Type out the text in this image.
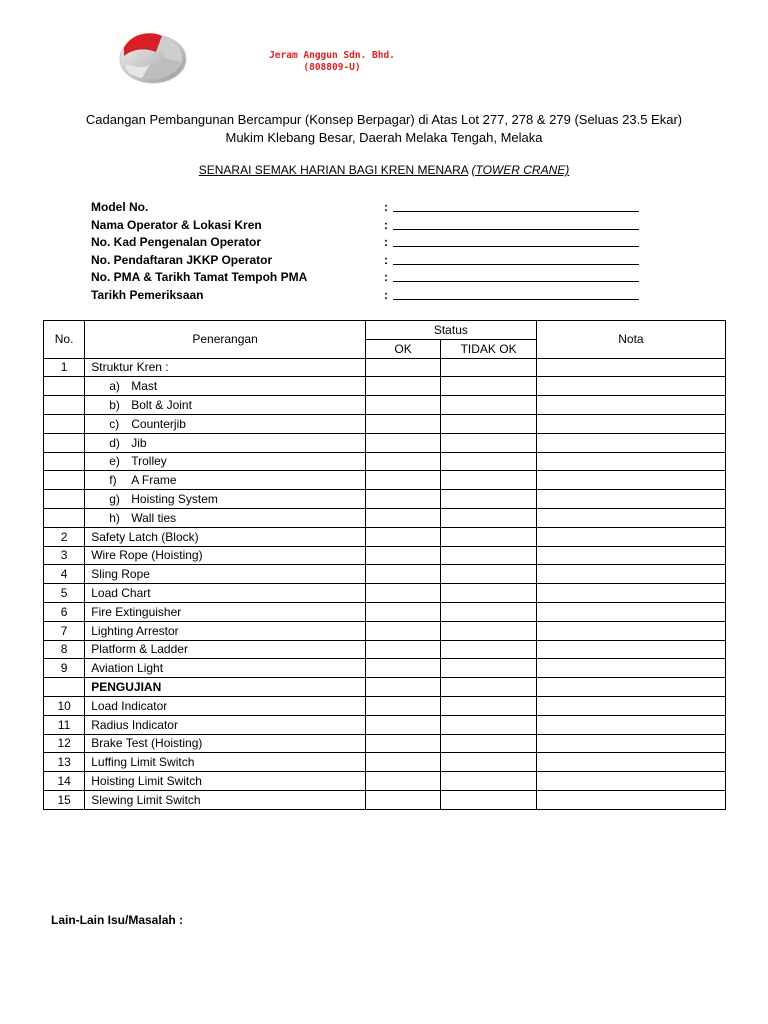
Jeram Anggun Sdn. Bhd.
(808809-U)
Cadangan Pembangunan Bercampur (Konsep Berpagar) di Atas Lot 277, 278 & 279 (Seluas 23.5 Ekar)
Mukim Klebang Besar, Daerah Melaka Tengah, Melaka
SENARAI SEMAK HARIAN BAGI KREN MENARA (TOWER CRANE)
Model No.	:
Nama Operator & Lokasi Kren	:
No. Kad Pengenalan Operator	:
No. Pendaftaran JKKP Operator	:
No. PMA & Tarikh Tamat Tempoh PMA	:
Tarikh Pemeriksaan	:
No.	Penerangan	Status		Nota
		OK	TIDAK OK	
1	Struktur Kren :			
	a) Mast			
	b) Bolt & Joint			
	c) Counterjib			
	d) Jib			
	e) Trolley			
	f) A Frame			
	g) Hoisting System			
	h) Wall ties			
2	Safety Latch (Block)			
3	Wire Rope (Hoisting)			
4	Sling Rope			
5	Load Chart			
6	Fire Extinguisher			
7	Lighting Arrestor			
8	Platform & Ladder			
9	Aviation Light			
	PENGUJIAN			
10	Load Indicator			
11	Radius Indicator			
12	Brake Test (Hoisting)			
13	Luffing Limit Switch			
14	Hoisting Limit Switch			
15	Slewing Limit Switch			
Lain-Lain Isu/Masalah :
